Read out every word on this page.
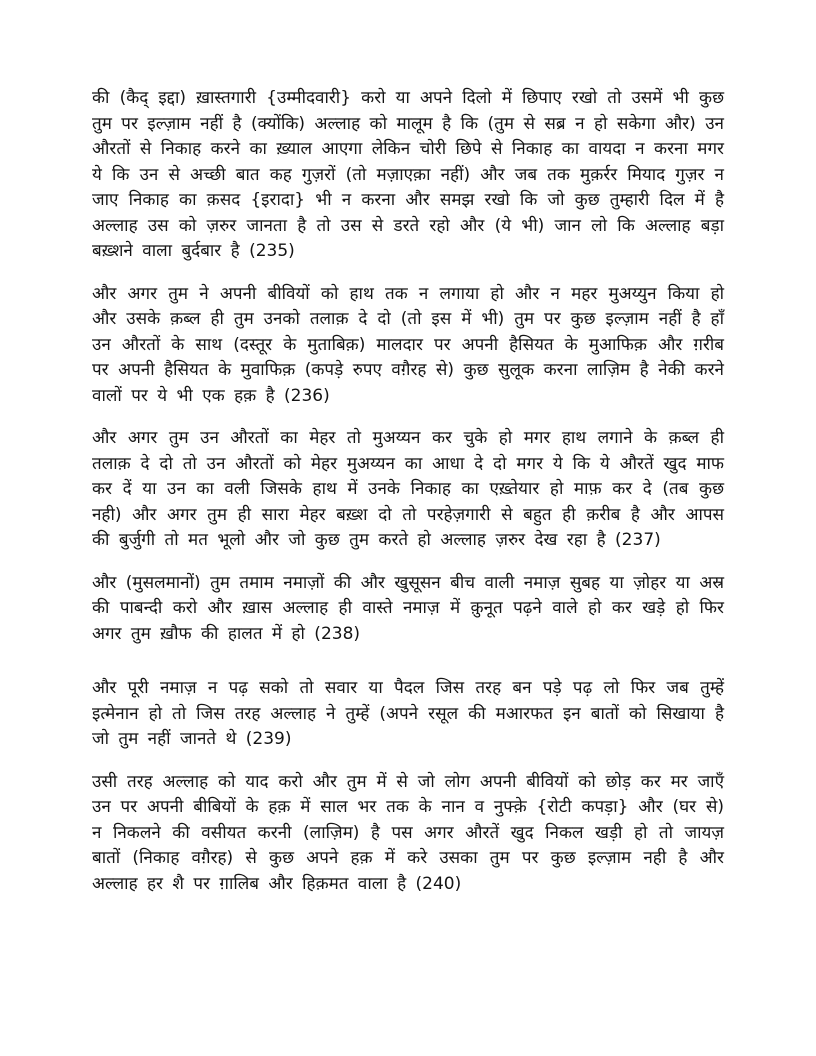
की (कैद् इद्दा) ख़ास्तगारी {उम्मीदवारी} करो या अपने दिलो में छिपाए रखो तो उसमें भी कुछ तुम पर इल्ज़ाम नहीं है (क्योंकि) अल्लाह को मालूम है कि (तुम से सब्र न हो सकेगा और) उन औरतों से निकाह करने का ख़्याल आएगा लेकिन चोरी छिपे से निकाह का वायदा न करना मगर ये कि उन से अच्छी बात कह गुज़रों (तो मज़ाएक़ा नहीं) और जब तक मुक़र्रर मियाद गुज़र न जाए निकाह का क़सद {इरादा} भी न करना और समझ रखो कि जो कुछ तुम्हारी दिल में है अल्लाह उस को ज़रुर जानता है तो उस से डरते रहो और (ये भी) जान लो कि अल्लाह बड़ा बख़्शने वाला बुर्दबार है (235)

और अगर तुम ने अपनी बीवियों को हाथ तक न लगाया हो और न महर मुअय्युन किया हो और उसके क़ब्ल ही तुम उनको तलाक़ दे दो (तो इस में भी) तुम पर कुछ इल्ज़ाम नहीं है हाँ उन औरतों के साथ (दस्तूर के मुताबिक़) मालदार पर अपनी हैसियत के मुआफिक़ और ग़रीब पर अपनी हैसियत के मुवाफिक़ (कपड़े रुपए वग़ैरह से) कुछ सुलूक करना लाज़िम है नेकी करने वालों पर ये भी एक हक़ है (236)

और अगर तुम उन औरतों का मेहर तो मुअय्यन कर चुके हो मगर हाथ लगाने के क़ब्ल ही तलाक़ दे दो तो उन औरतों को मेहर मुअय्यन का आधा दे दो मगर ये कि ये औरतें खुद माफ कर दें या उन का वली जिसके हाथ में उनके निकाह का एख़्तेयार हो माफ़ कर दे (तब कुछ नही) और अगर तुम ही सारा मेहर बख़्श दो तो परहेज़गारी से बहुत ही क़रीब है और आपस की बुर्जुगी तो मत भूलो और जो कुछ तुम करते हो अल्लाह ज़रुर देख रहा है (237)

और (मुसलमानों) तुम तमाम नमाज़ों की और खुसूसन बीच वाली नमाज़ सुबह या ज़ोहर या अस्र की पाबन्दी करो और ख़ास अल्लाह ही वास्ते नमाज़ में क़ुनूत पढ़ने वाले हो कर खड़े हो फिर अगर तुम ख़ौफ की हालत में हो (238)

और पूरी नमाज़ न पढ़ सको तो सवार या पैदल जिस तरह बन पड़े पढ़ लो फिर जब तुम्हें इत्मेनान हो तो जिस तरह अल्लाह ने तुम्हें (अपने रसूल की मआरफत इन बातों को सिखाया है जो तुम नहीं जानते थे (239)

उसी तरह अल्लाह को याद करो और तुम में से जो लोग अपनी बीवियों को छोड़ कर मर जाएँ उन पर अपनी बीबियों के हक़ में साल भर तक के नान व नुफ्क़े {रोटी कपड़ा} और (घर से) न निकलने की वसीयत करनी (लाज़िम) है पस अगर औरतें खुद निकल खड़ी हो तो जायज़ बातों (निकाह वग़ैरह) से कुछ अपने हक़ में करे उसका तुम पर कुछ इल्ज़ाम नही है और अल्लाह हर शै पर ग़ालिब और हिक़मत वाला है (240)
